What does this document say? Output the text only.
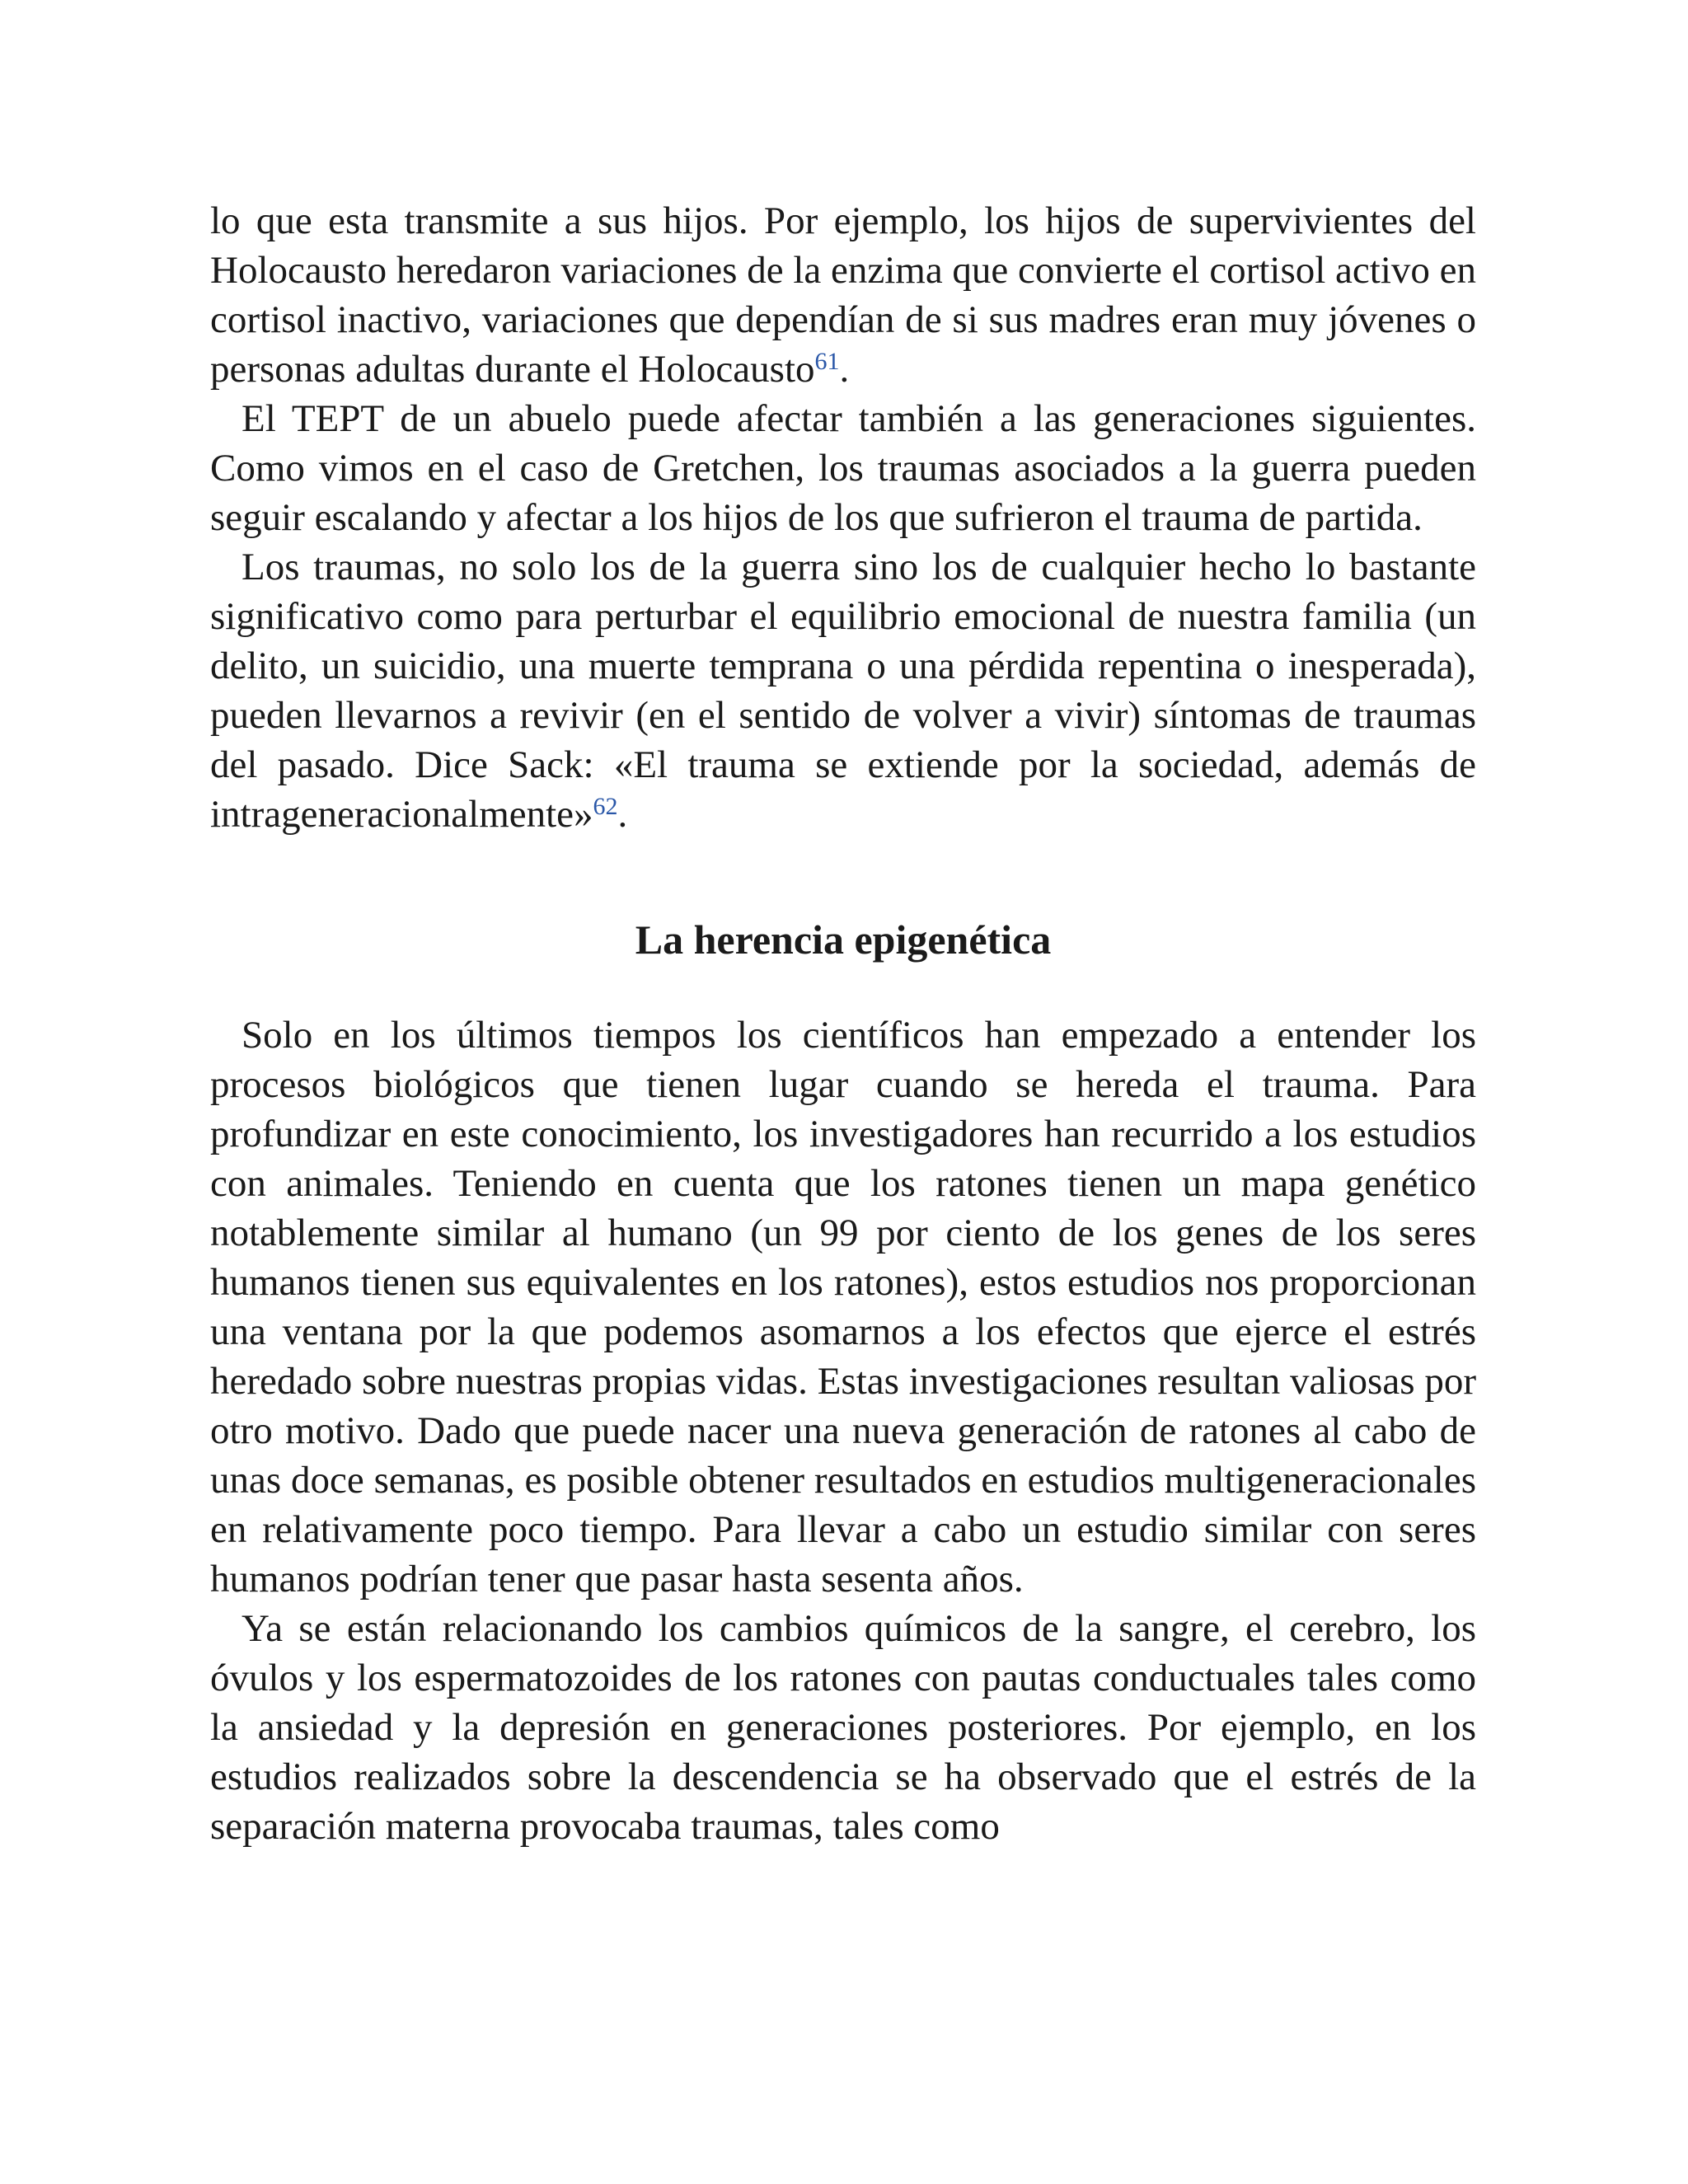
lo que esta transmite a sus hijos. Por ejemplo, los hijos de supervivientes del Holocausto heredaron variaciones de la enzima que convierte el cortisol activo en cortisol inactivo, variaciones que dependían de si sus madres eran muy jóvenes o personas adultas durante el Holocausto$^{61}$.

El TEPT de un abuelo puede afectar también a las generaciones siguientes. Como vimos en el caso de Gretchen, los traumas asociados a la guerra pueden seguir escalando y afectar a los hijos de los que sufrieron el trauma de partida.

Los traumas, no solo los de la guerra sino los de cualquier hecho lo bastante significativo como para perturbar el equilibrio emocional de nuestra familia (un delito, un suicidio, una muerte temprana o una pérdida repentina o inesperada), pueden llevarnos a revivir (en el sentido de volver a vivir) síntomas de traumas del pasado. Dice Sack: «El trauma se extiende por la sociedad, además de intrageneracionalmente»$^{62}$.

La herencia epigenética

Solo en los últimos tiempos los científicos han empezado a entender los procesos biológicos que tienen lugar cuando se hereda el trauma. Para profundizar en este conocimiento, los investigadores han recurrido a los estudios con animales. Teniendo en cuenta que los ratones tienen un mapa genético notablemente similar al humano (un 99 por ciento de los genes de los seres humanos tienen sus equivalentes en los ratones), estos estudios nos proporcionan una ventana por la que podemos asomarnos a los efectos que ejerce el estrés heredado sobre nuestras propias vidas. Estas investigaciones resultan valiosas por otro motivo. Dado que puede nacer una nueva generación de ratones al cabo de unas doce semanas, es posible obtener resultados en estudios multigeneracionales en relativamente poco tiempo. Para llevar a cabo un estudio similar con seres humanos podrían tener que pasar hasta sesenta años.

Ya se están relacionando los cambios químicos de la sangre, el cerebro, los óvulos y los espermatozoides de los ratones con pautas conductuales tales como la ansiedad y la depresión en generaciones posteriores. Por ejemplo, en los estudios realizados sobre la descendencia se ha observado que el estrés de la separación materna provocaba traumas, tales como
